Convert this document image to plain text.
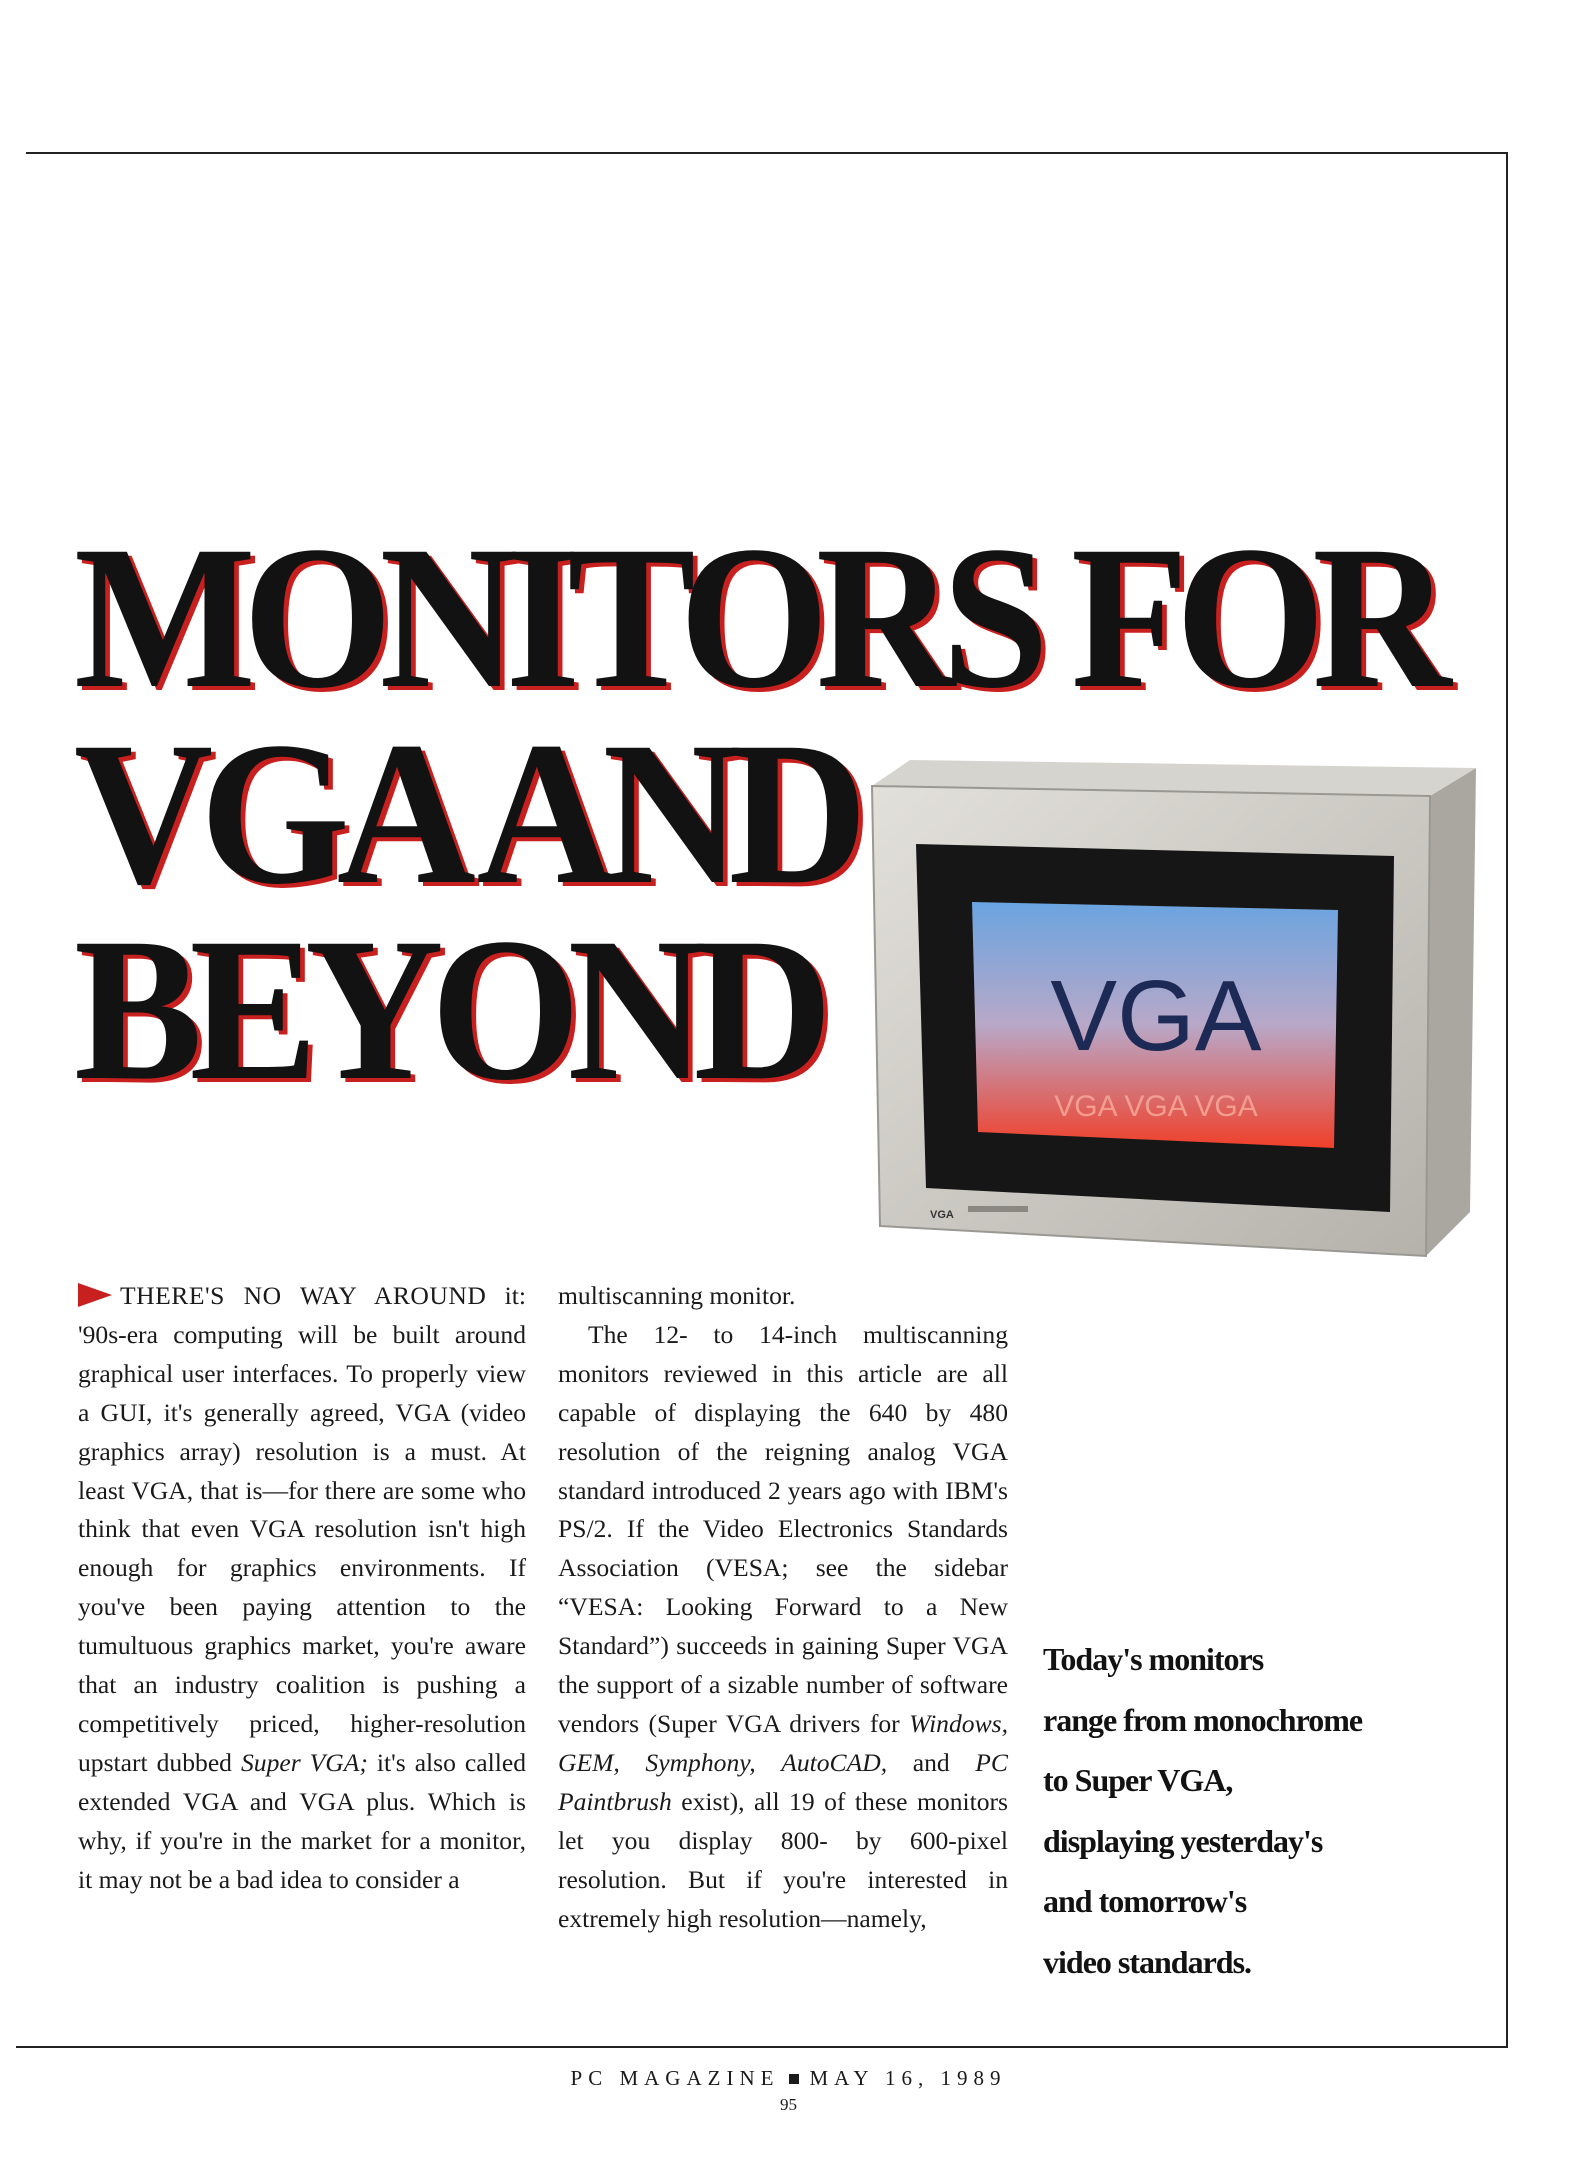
MONITORS FOR
VGA AND
BEYOND	VGA
VGA VGA VGA
VGA

THERE'S NO WAY AROUND it: '90s-era computing will be built around graphical user interfaces. To properly view a GUI, it's generally agreed, VGA (video graphics array) resolution is a must. At least VGA, that is—for there are some who think that even VGA resolution isn't high enough for graphics environments. If you've been paying attention to the tumultuous graphics market, you're aware that an industry coalition is pushing a competitively priced, higher-resolution upstart dubbed Super VGA; it's also called extended VGA and VGA plus. Which is why, if you're in the market for a monitor, it may not be a bad idea to consider a

multiscanning monitor.

The 12- to 14-inch multiscanning monitors reviewed in this article are all capable of displaying the 640 by 480 resolution of the reigning analog VGA standard introduced 2 years ago with IBM's PS/2. If the Video Electronics Standards Association (VESA; see the sidebar “VESA: Looking Forward to a New Standard”) succeeds in gaining Super VGA the support of a sizable number of software vendors (Super VGA drivers for Windows, GEM, Symphony, AutoCAD, and PC Paintbrush exist), all 19 of these monitors let you display 800- by 600-pixel resolution. But if you're interested in extremely high resolution—namely,

Today's monitors
range from monochrome
to Super VGA,
displaying yesterday's
and tomorrow's
video standards.
PC MAGAZINE MAY 16, 1989
95
